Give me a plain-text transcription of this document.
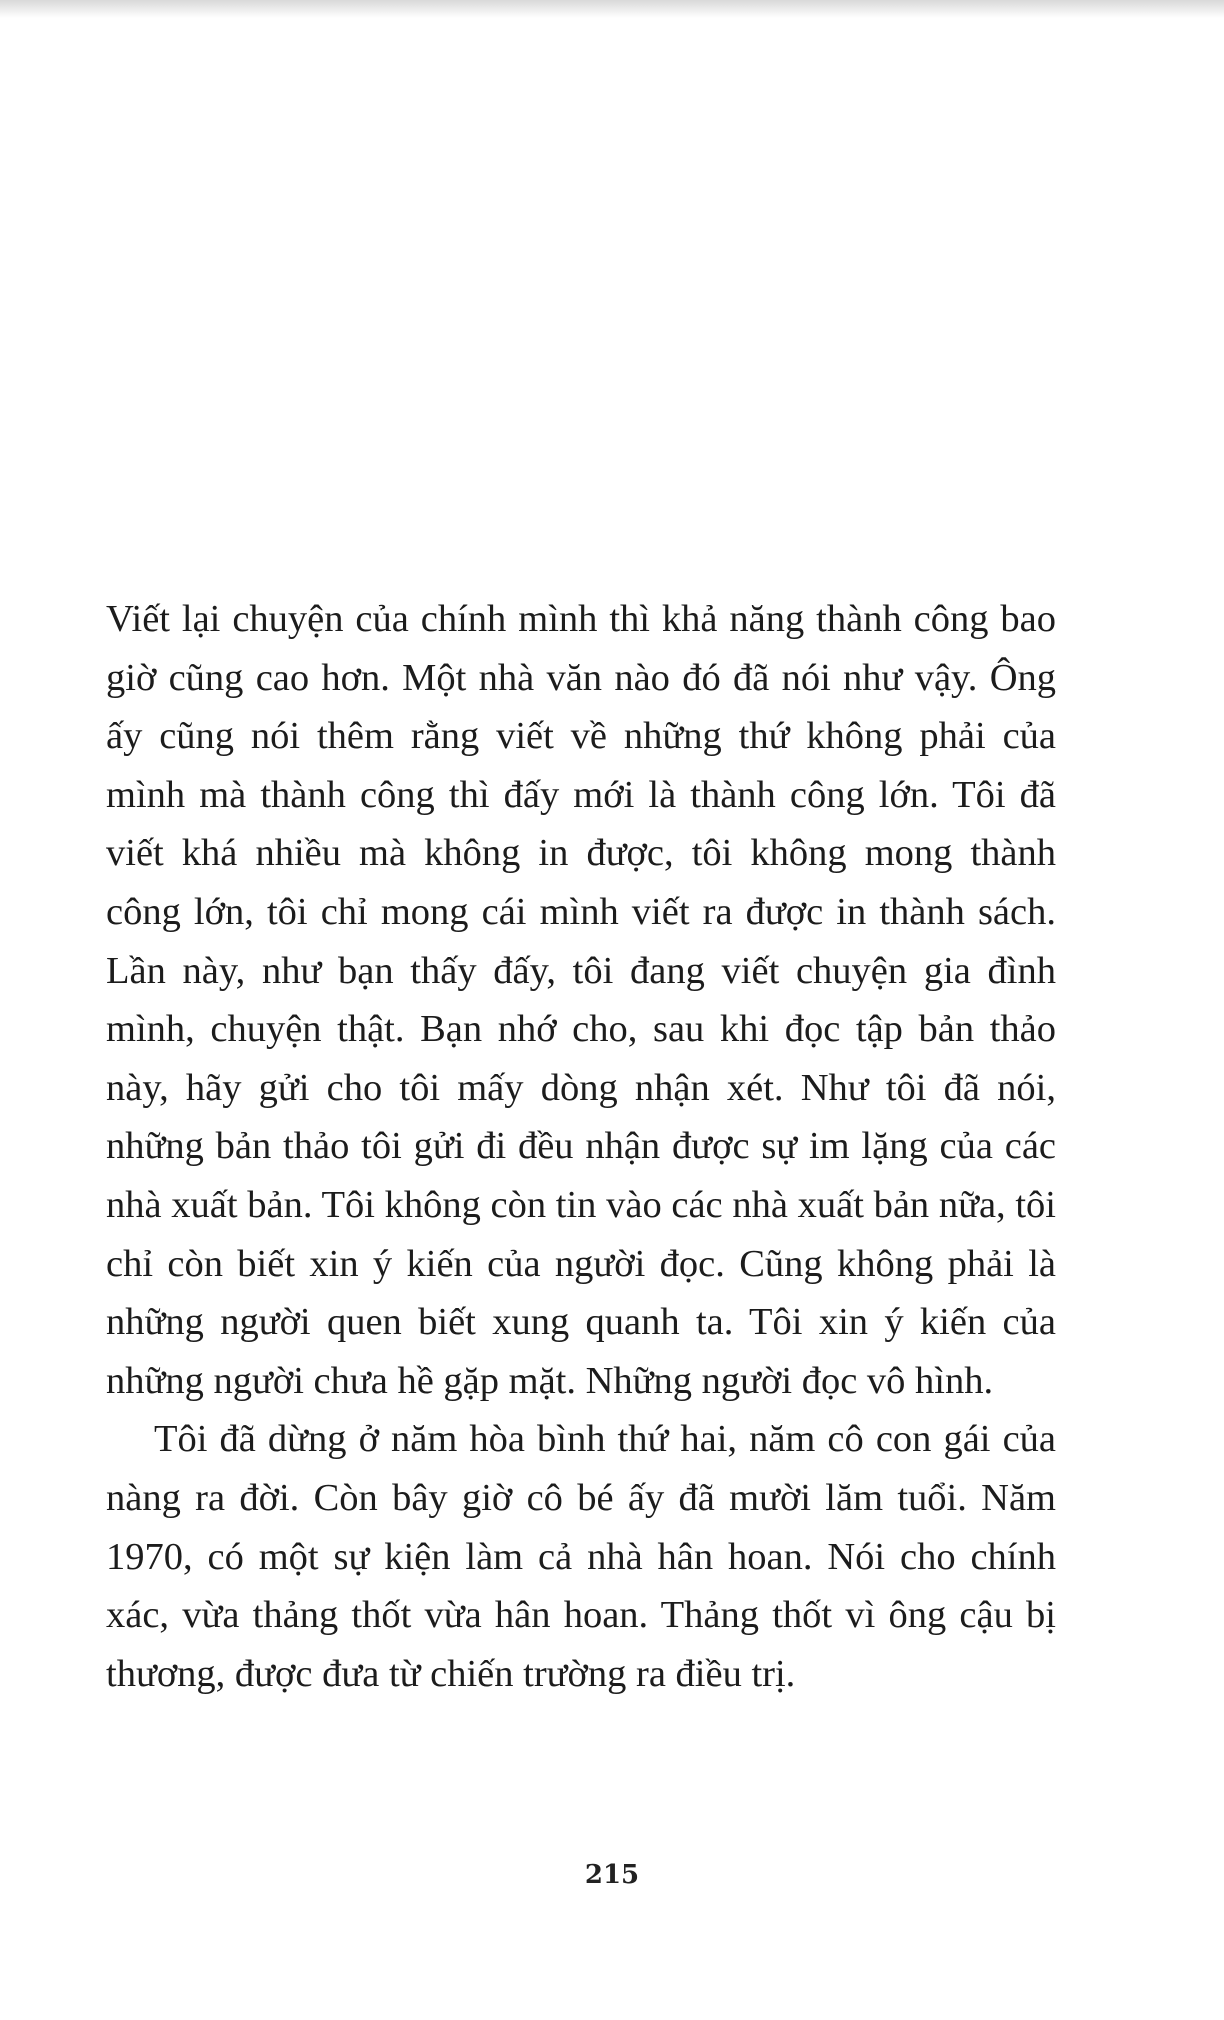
Viết lại chuyện của chính mình thì khả năng thành công bao giờ cũng cao hơn. Một nhà văn nào đó đã nói như vậy. Ông ấy cũng nói thêm rằng viết về những thứ không phải của mình mà thành công thì đấy mới là thành công lớn. Tôi đã viết khá nhiều mà không in được, tôi không mong thành công lớn, tôi chỉ mong cái mình viết ra được in thành sách. Lần này, như bạn thấy đấy, tôi đang viết chuyện gia đình mình, chuyện thật. Bạn nhớ cho, sau khi đọc tập bản thảo này, hãy gửi cho tôi mấy dòng nhận xét. Như tôi đã nói, những bản thảo tôi gửi đi đều nhận được sự im lặng của các nhà xuất bản. Tôi không còn tin vào các nhà xuất bản nữa, tôi chỉ còn biết xin ý kiến của người đọc. Cũng không phải là những người quen biết xung quanh ta. Tôi xin ý kiến của những người chưa hề gặp mặt. Những người đọc vô hình.

Tôi đã dừng ở năm hòa bình thứ hai, năm cô con gái của nàng ra đời. Còn bây giờ cô bé ấy đã mười lăm tuổi. Năm 1970, có một sự kiện làm cả nhà hân hoan. Nói cho chính xác, vừa thảng thốt vừa hân hoan. Thảng thốt vì ông cậu bị thương, được đưa từ chiến trường ra điều trị.

215
